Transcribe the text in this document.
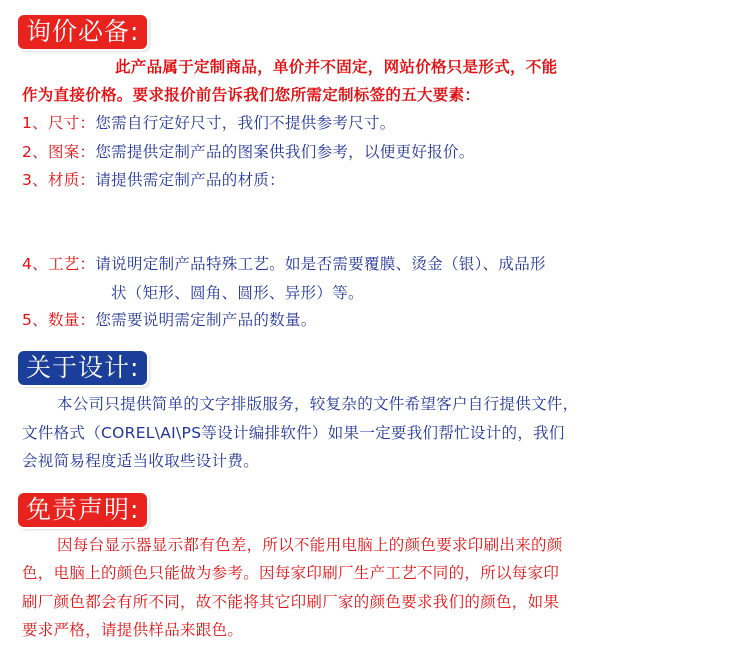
询价必备:
此产品属于定制商品，单价并不固定，网站价格只是形式，不能
作为直接价格。要求报价前告诉我们您所需定制标签的五大要素：
1、尺寸：您需自行定好尺寸，我们不提供参考尺寸。
2、图案：您需提供定制产品的图案供我们参考，以便更好报价。
3、材质：请提供需定制产品的材质：
4、工艺：请说明定制产品特殊工艺。如是否需要覆膜、烫金（银）、成品形
状（矩形、圆角、圆形、异形）等。
5、数量：您需要说明需定制产品的数量。
关于设计:
本公司只提供简单的文字排版服务，较复杂的文件希望客户自行提供文件，
文件格式（COREL\AI\PS等设计编排软件）如果一定要我们帮忙设计的，我们
会视简易程度适当收取些设计费。
免责声明:
因每台显示器显示都有色差，所以不能用电脑上的颜色要求印刷出来的颜
色，电脑上的颜色只能做为参考。因每家印刷厂生产工艺不同的，所以每家印
刷厂颜色都会有所不同，故不能将其它印刷厂家的颜色要求我们的颜色，如果
要求严格，请提供样品来跟色。
